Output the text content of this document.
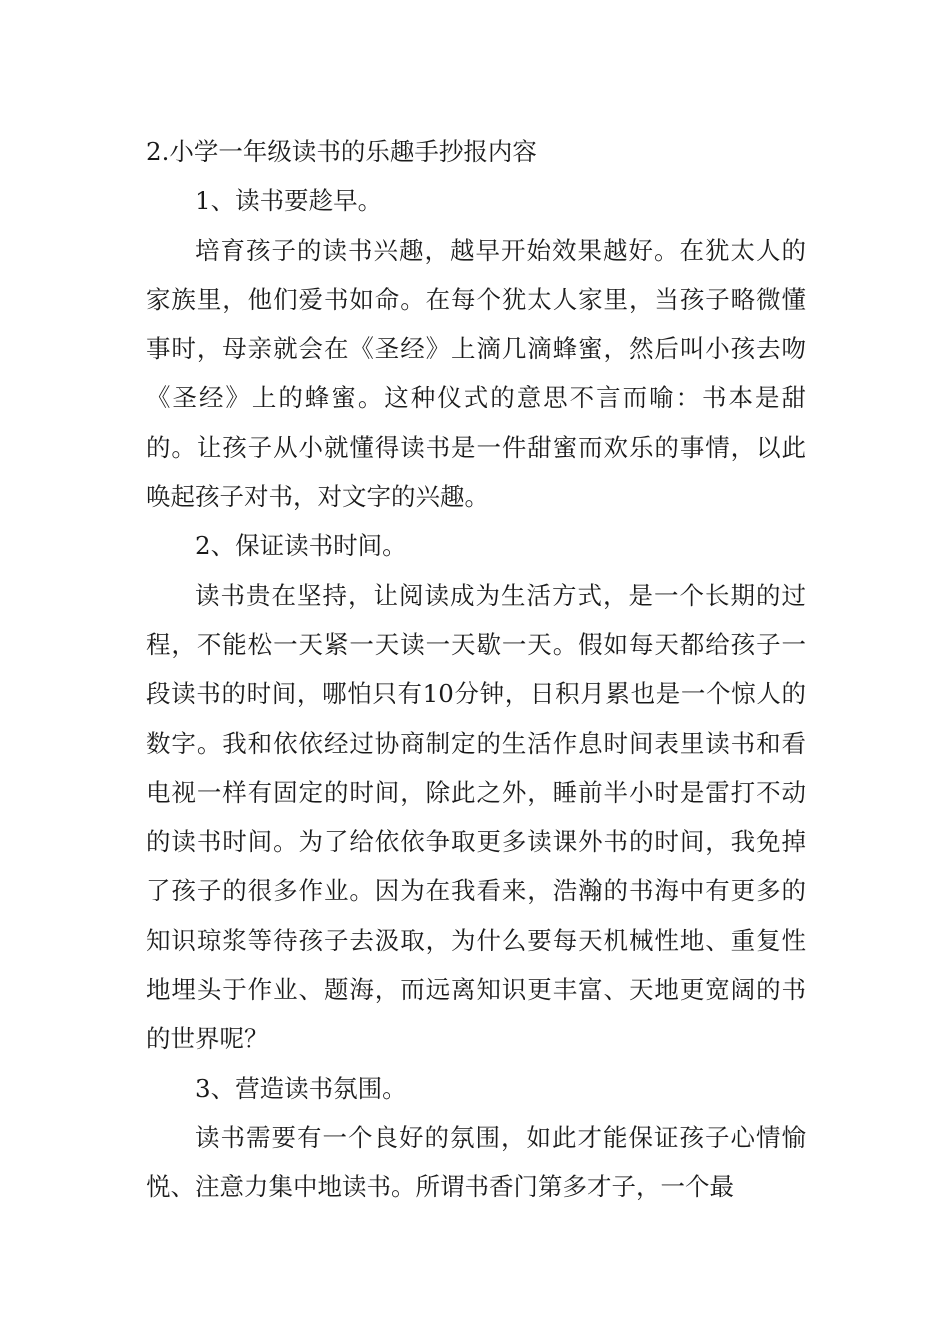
2.小学一年级读书的乐趣手抄报内容

1、读书要趁早。

培育孩子的读书兴趣，越早开始效果越好。在犹太人的家族里，他们爱书如命。在每个犹太人家里，当孩子略微懂事时，母亲就会在《圣经》上滴几滴蜂蜜，然后叫小孩去吻《圣经》上的蜂蜜。这种仪式的意思不言而喻：书本是甜的。让孩子从小就懂得读书是一件甜蜜而欢乐的事情，以此唤起孩子对书，对文字的兴趣。

2、保证读书时间。

读书贵在坚持，让阅读成为生活方式，是一个长期的过程，不能松一天紧一天读一天歇一天。假如每天都给孩子一段读书的时间，哪怕只有10分钟，日积月累也是一个惊人的数字。我和依依经过协商制定的生活作息时间表里读书和看电视一样有固定的时间，除此之外，睡前半小时是雷打不动的读书时间。为了给依依争取更多读课外书的时间，我免掉了孩子的很多作业。因为在我看来，浩瀚的书海中有更多的知识琼浆等待孩子去汲取，为什么要每天机械性地、重复性地埋头于作业、题海，而远离知识更丰富、天地更宽阔的书的世界呢？

3、营造读书氛围。

读书需要有一个良好的氛围，如此才能保证孩子心情愉悦、注意力集中地读书。所谓书香门第多才子，一个最
